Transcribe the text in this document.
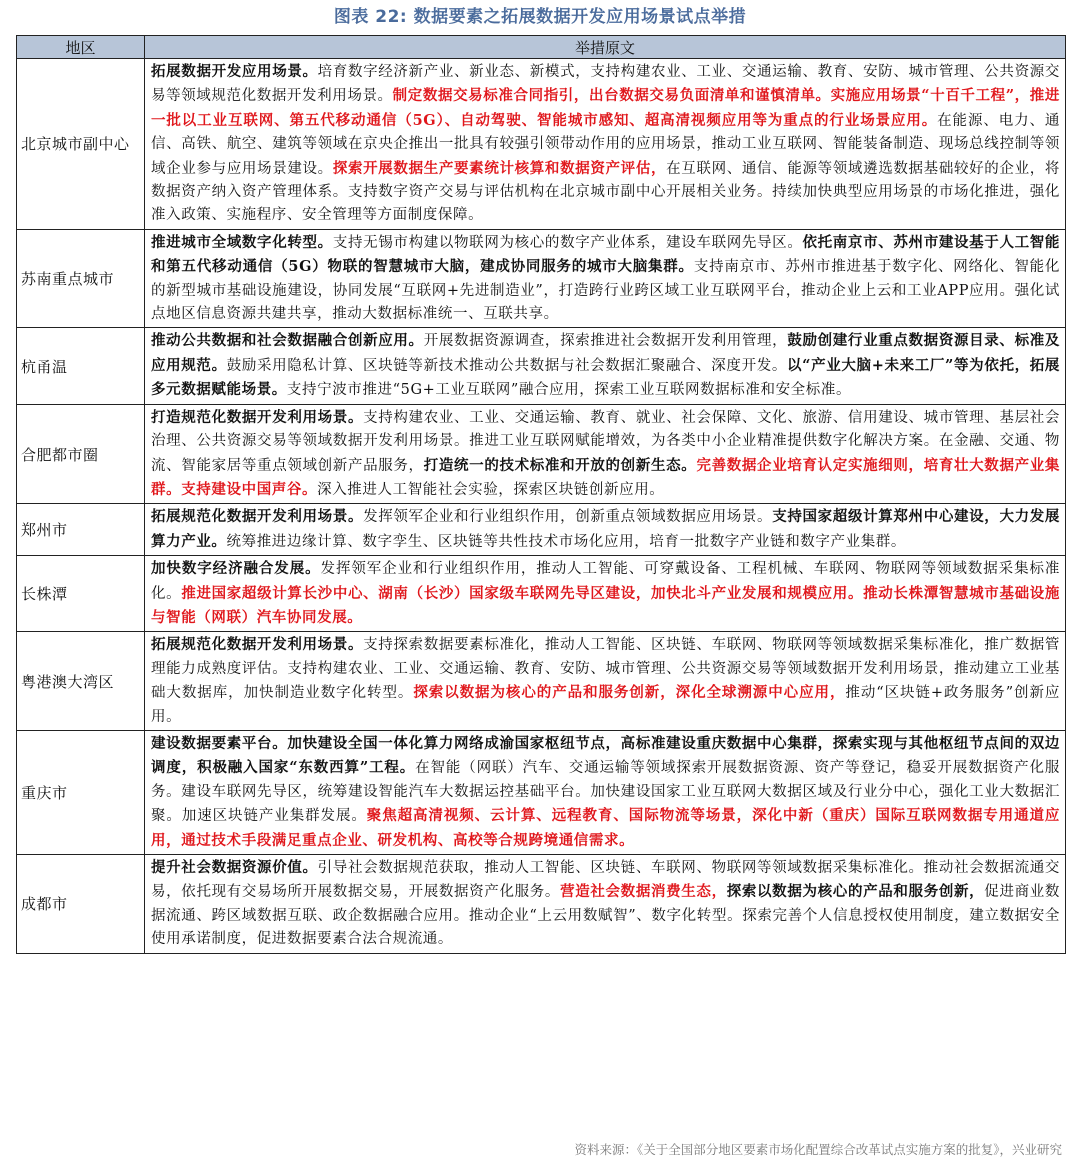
图表 22: 数据要素之拓展数据开发应用场景试点举措
地区	举措原文
北京城市副中心	拓展数据开发应用场景。培育数字经济新产业、新业态、新模式，支持构建农业、工业、交通运输、教育、安防、城市管理、公共资源交易等领域规范化数据开发利用场景。制定数据交易标准合同指引，出台数据交易负面清单和谨慎清单。实施应用场景“十百千工程”，推进一批以工业互联网、第五代移动通信（5G）、自动驾驶、智能城市感知、超高清视频应用等为重点的行业场景应用。在能源、电力、通信、高铁、航空、建筑等领域在京央企推出一批具有较强引领带动作用的应用场景，推动工业互联网、智能装备制造、现场总线控制等领域企业参与应用场景建设。探索开展数据生产要素统计核算和数据资产评估，在互联网、通信、能源等领域遴选数据基础较好的企业，将数据资产纳入资产管理体系。支持数字资产交易与评估机构在北京城市副中心开展相关业务。持续加快典型应用场景的市场化推进，强化准入政策、实施程序、安全管理等方面制度保障。
苏南重点城市	推进城市全域数字化转型。支持无锡市构建以物联网为核心的数字产业体系，建设车联网先导区。依托南京市、苏州市建设基于人工智能和第五代移动通信（5G）物联的智慧城市大脑，建成协同服务的城市大脑集群。支持南京市、苏州市推进基于数字化、网络化、智能化的新型城市基础设施建设，协同发展“互联网+先进制造业”，打造跨行业跨区域工业互联网平台，推动企业上云和工业APP应用。强化试点地区信息资源共建共享，推动大数据标准统一、互联共享。
杭甬温	推动公共数据和社会数据融合创新应用。开展数据资源调查，探索推进社会数据开发利用管理，鼓励创建行业重点数据资源目录、标准及应用规范。鼓励采用隐私计算、区块链等新技术推动公共数据与社会数据汇聚融合、深度开发。以“产业大脑+未来工厂”等为依托，拓展多元数据赋能场景。支持宁波市推进“5G+工业互联网”融合应用，探索工业互联网数据标准和安全标准。
合肥都市圈	打造规范化数据开发利用场景。支持构建农业、工业、交通运输、教育、就业、社会保障、文化、旅游、信用建设、城市管理、基层社会治理、公共资源交易等领域数据开发利用场景。推进工业互联网赋能增效，为各类中小企业精准提供数字化解决方案。在金融、交通、物流、智能家居等重点领域创新产品服务，打造统一的技术标准和开放的创新生态。完善数据企业培育认定实施细则，培育壮大数据产业集群。支持建设中国声谷。深入推进人工智能社会实验，探索区块链创新应用。
郑州市	拓展规范化数据开发利用场景。发挥领军企业和行业组织作用，创新重点领域数据应用场景。支持国家超级计算郑州中心建设，大力发展算力产业。统筹推进边缘计算、数字孪生、区块链等共性技术市场化应用，培育一批数字产业链和数字产业集群。
长株潭	加快数字经济融合发展。发挥领军企业和行业组织作用，推动人工智能、可穿戴设备、工程机械、车联网、物联网等领域数据采集标准化。推进国家超级计算长沙中心、湖南（长沙）国家级车联网先导区建设，加快北斗产业发展和规模应用。推动长株潭智慧城市基础设施与智能（网联）汽车协同发展。
粤港澳大湾区	拓展规范化数据开发利用场景。支持探索数据要素标准化，推动人工智能、区块链、车联网、物联网等领域数据采集标准化，推广数据管理能力成熟度评估。支持构建农业、工业、交通运输、教育、安防、城市管理、公共资源交易等领域数据开发利用场景，推动建立工业基础大数据库，加快制造业数字化转型。探索以数据为核心的产品和服务创新，深化全球溯源中心应用，推动“区块链+政务服务”创新应用。
重庆市	建设数据要素平台。加快建设全国一体化算力网络成渝国家枢纽节点，高标准建设重庆数据中心集群，探索实现与其他枢纽节点间的双边调度，积极融入国家“东数西算”工程。在智能（网联）汽车、交通运输等领域探索开展数据资源、资产等登记，稳妥开展数据资产化服务。建设车联网先导区，统筹建设智能汽车大数据运控基础平台。加快建设国家工业互联网大数据区域及行业分中心，强化工业大数据汇聚。加速区块链产业集群发展。聚焦超高清视频、云计算、远程教育、国际物流等场景，深化中新（重庆）国际互联网数据专用通道应用，通过技术手段满足重点企业、研发机构、高校等合规跨境通信需求。
成都市	提升社会数据资源价值。引导社会数据规范获取，推动人工智能、区块链、车联网、物联网等领域数据采集标准化。推动社会数据流通交易，依托现有交易场所开展数据交易，开展数据资产化服务。营造社会数据消费生态，探索以数据为核心的产品和服务创新，促进商业数据流通、跨区域数据互联、政企数据融合应用。推动企业“上云用数赋智”、数字化转型。探索完善个人信息授权使用制度，建立数据安全使用承诺制度，促进数据要素合法合规流通。
资料来源：《关于全国部分地区要素市场化配置综合改革试点实施方案的批复》，兴业研究
